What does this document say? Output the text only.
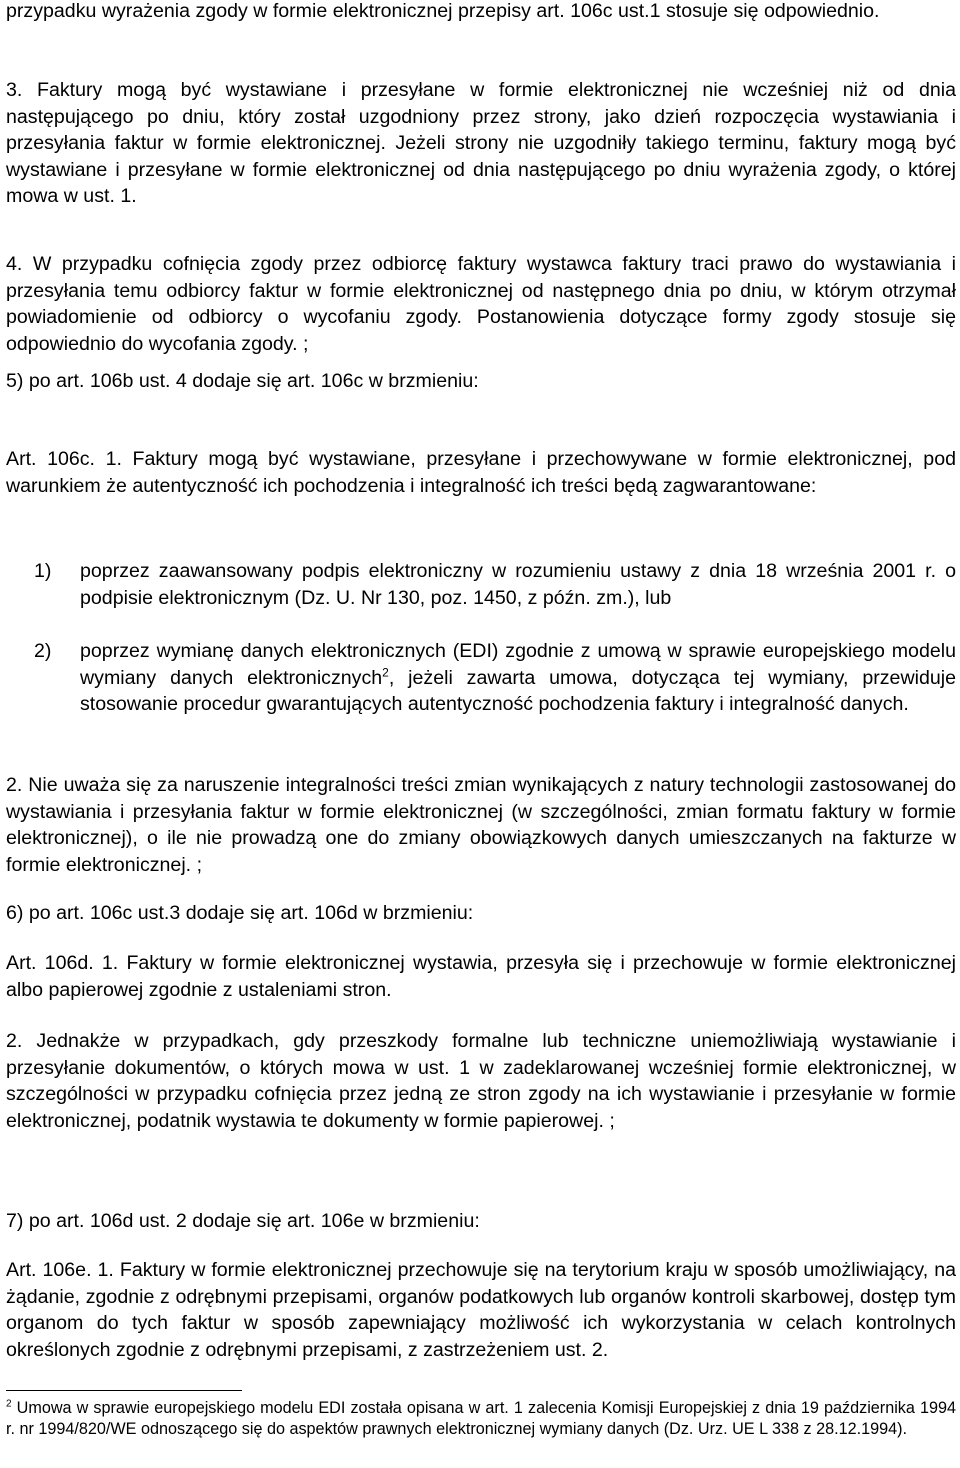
przypadku wyrażenia zgody w formie elektronicznej przepisy art. 106c ust.1 stosuje się odpowiednio.

3. Faktury mogą być wystawiane i przesyłane w formie elektronicznej nie wcześniej niż od dnia następującego po dniu, który został uzgodniony przez strony, jako dzień rozpoczęcia wystawiania i przesyłania faktur w formie elektronicznej. Jeżeli strony nie uzgodniły takiego terminu, faktury mogą być wystawiane i przesyłane w formie elektronicznej od dnia następującego po dniu wyrażenia zgody, o której mowa w ust. 1.

4. W przypadku cofnięcia zgody przez odbiorcę faktury wystawca faktury traci prawo do wystawiania i przesyłania temu odbiorcy faktur w formie elektronicznej od następnego dnia po dniu, w którym otrzymał powiadomienie od odbiorcy o wycofaniu zgody. Postanowienia dotyczące formy zgody stosuje się odpowiednio do wycofania zgody. ;

5) po art. 106b ust. 4 dodaje się art. 106c w brzmieniu:

Art. 106c. 1. Faktury mogą być wystawiane, przesyłane i przechowywane w formie elektronicznej, pod warunkiem że autentyczność ich pochodzenia i integralność ich treści będą zagwarantowane:

1) poprzez zaawansowany podpis elektroniczny w rozumieniu ustawy z dnia 18 września 2001 r. o podpisie elektronicznym (Dz. U. Nr 130, poz. 1450, z późn. zm.), lub
2) poprzez wymianę danych elektronicznych (EDI) zgodnie z umową w sprawie europejskiego modelu wymiany danych elektronicznych$^2$, jeżeli zawarta umowa, dotycząca tej wymiany, przewiduje stosowanie procedur gwarantujących autentyczność pochodzenia faktury i integralność danych.

2. Nie uważa się za naruszenie integralności treści zmian wynikających z natury technologii zastosowanej do wystawiania i przesyłania faktur w formie elektronicznej (w szczególności, zmian formatu faktury w formie elektronicznej), o ile nie prowadzą one do zmiany obowiązkowych danych umieszczanych na fakturze w formie elektronicznej. ;

6) po art. 106c ust.3 dodaje się art. 106d w brzmieniu:

Art. 106d. 1. Faktury w formie elektronicznej wystawia, przesyła się i przechowuje w formie elektronicznej albo papierowej zgodnie z ustaleniami stron.

2. Jednakże w przypadkach, gdy przeszkody formalne lub techniczne uniemożliwiają wystawianie i przesyłanie dokumentów, o których mowa w ust. 1 w zadeklarowanej wcześniej formie elektronicznej, w szczególności w przypadku cofnięcia przez jedną ze stron zgody na ich wystawianie i przesyłanie w formie elektronicznej, podatnik wystawia te dokumenty w formie papierowej. ;

7) po art. 106d ust. 2 dodaje się art. 106e w brzmieniu:

Art. 106e. 1. Faktury w formie elektronicznej przechowuje się na terytorium kraju w sposób umożliwiający, na żądanie, zgodnie z odrębnymi przepisami, organów podatkowych lub organów kontroli skarbowej, dostęp tym organom do tych faktur w sposób zapewniający możliwość ich wykorzystania w celach kontrolnych określonych zgodnie z odrębnymi przepisami, z zastrzeżeniem ust. 2.

$^2$ Umowa w sprawie europejskiego modelu EDI została opisana w art. 1 zalecenia Komisji Europejskiej z dnia 19 października 1994 r. nr 1994/820/WE odnoszącego się do aspektów prawnych elektronicznej wymiany danych (Dz. Urz. UE L 338 z 28.12.1994).
